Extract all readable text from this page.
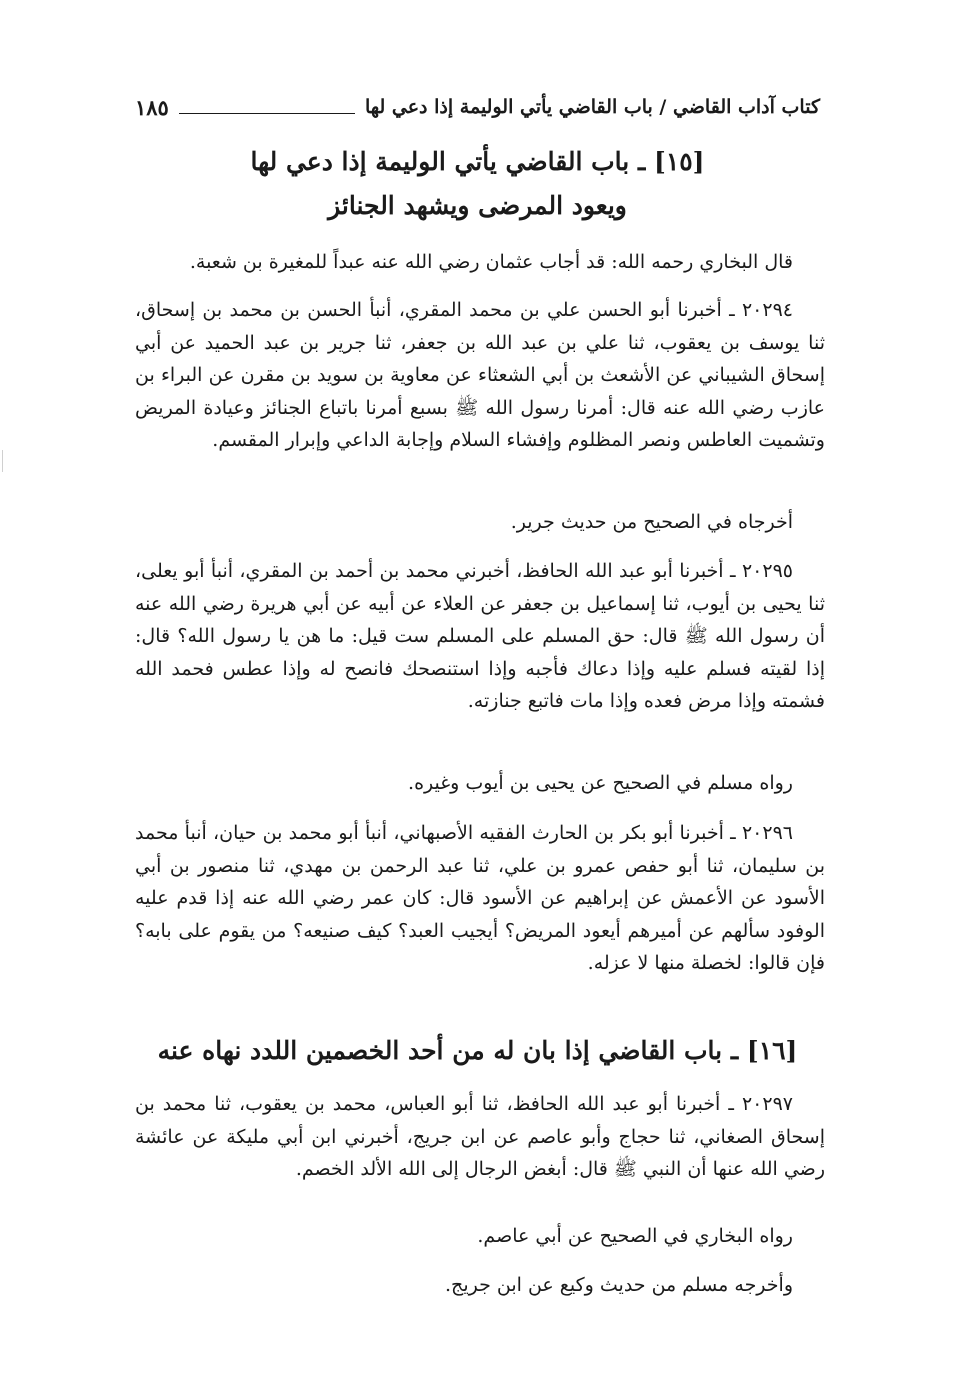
كتاب آداب القاضي / باب القاضي يأتي الوليمة إذا دعي لها
١٨٥
[١٥] ـ باب القاضي يأتي الوليمة إذا دعي لها
ويعود المرضى ويشهد الجنائز
قال البخاري رحمه الله: قد أجاب عثمان رضي الله عنه عبداً للمغيرة بن شعبة.
٢٠٢٩٤ ـ أخبرنا أبو الحسن علي بن محمد المقري، أنبأ الحسن بن محمد بن إسحاق، ثنا يوسف بن يعقوب، ثنا علي بن عبد الله بن جعفر، ثنا جرير بن عبد الحميد عن أبي إسحاق الشيباني عن الأشعث بن أبي الشعثاء عن معاوية بن سويد بن مقرن عن البراء بن عازب رضي الله عنه قال: أمرنا رسول الله ﷺ بسبع أمرنا باتباع الجنائز وعيادة المريض وتشميت العاطس ونصر المظلوم وإفشاء السلام وإجابة الداعي وإبرار المقسم.
أخرجاه في الصحيح من حديث جرير.
٢٠٢٩٥ ـ أخبرنا أبو عبد الله الحافظ، أخبرني محمد بن أحمد بن المقري، أنبأ أبو يعلى، ثنا يحيى بن أيوب، ثنا إسماعيل بن جعفر عن العلاء عن أبيه عن أبي هريرة رضي الله عنه أن رسول الله ﷺ قال: حق المسلم على المسلم ست قيل: ما هن يا رسول الله؟ قال: إذا لقيته فسلم عليه وإذا دعاك فأجبه وإذا استنصحك فانصح له وإذا عطس فحمد الله فشمته وإذا مرض فعده وإذا مات فاتبع جنازته.
رواه مسلم في الصحيح عن يحيى بن أيوب وغيره.
٢٠٢٩٦ ـ أخبرنا أبو بكر بن الحارث الفقيه الأصبهاني، أنبأ أبو محمد بن حيان، أنبأ محمد بن سليمان، ثنا أبو حفص عمرو بن علي، ثنا عبد الرحمن بن مهدي، ثنا منصور بن أبي الأسود عن الأعمش عن إبراهيم عن الأسود قال: كان عمر رضي الله عنه إذا قدم عليه الوفود سألهم عن أميرهم أيعود المريض؟ أيجيب العبد؟ كيف صنيعه؟ من يقوم على بابه؟ فإن قالوا: لخصلة منها لا عزله.
[١٦] ـ باب القاضي إذا بان له من أحد الخصمين اللدد نهاه عنه
٢٠٢٩٧ ـ أخبرنا أبو عبد الله الحافظ، ثنا أبو العباس، محمد بن يعقوب، ثنا محمد بن إسحاق الصغاني، ثنا حجاج وأبو عاصم عن ابن جريج، أخبرني ابن أبي مليكة عن عائشة رضي الله عنها أن النبي ﷺ قال: أبغض الرجال إلى الله الألد الخصم.
رواه البخاري في الصحيح عن أبي عاصم.
وأخرجه مسلم من حديث وكيع عن ابن جريج.
